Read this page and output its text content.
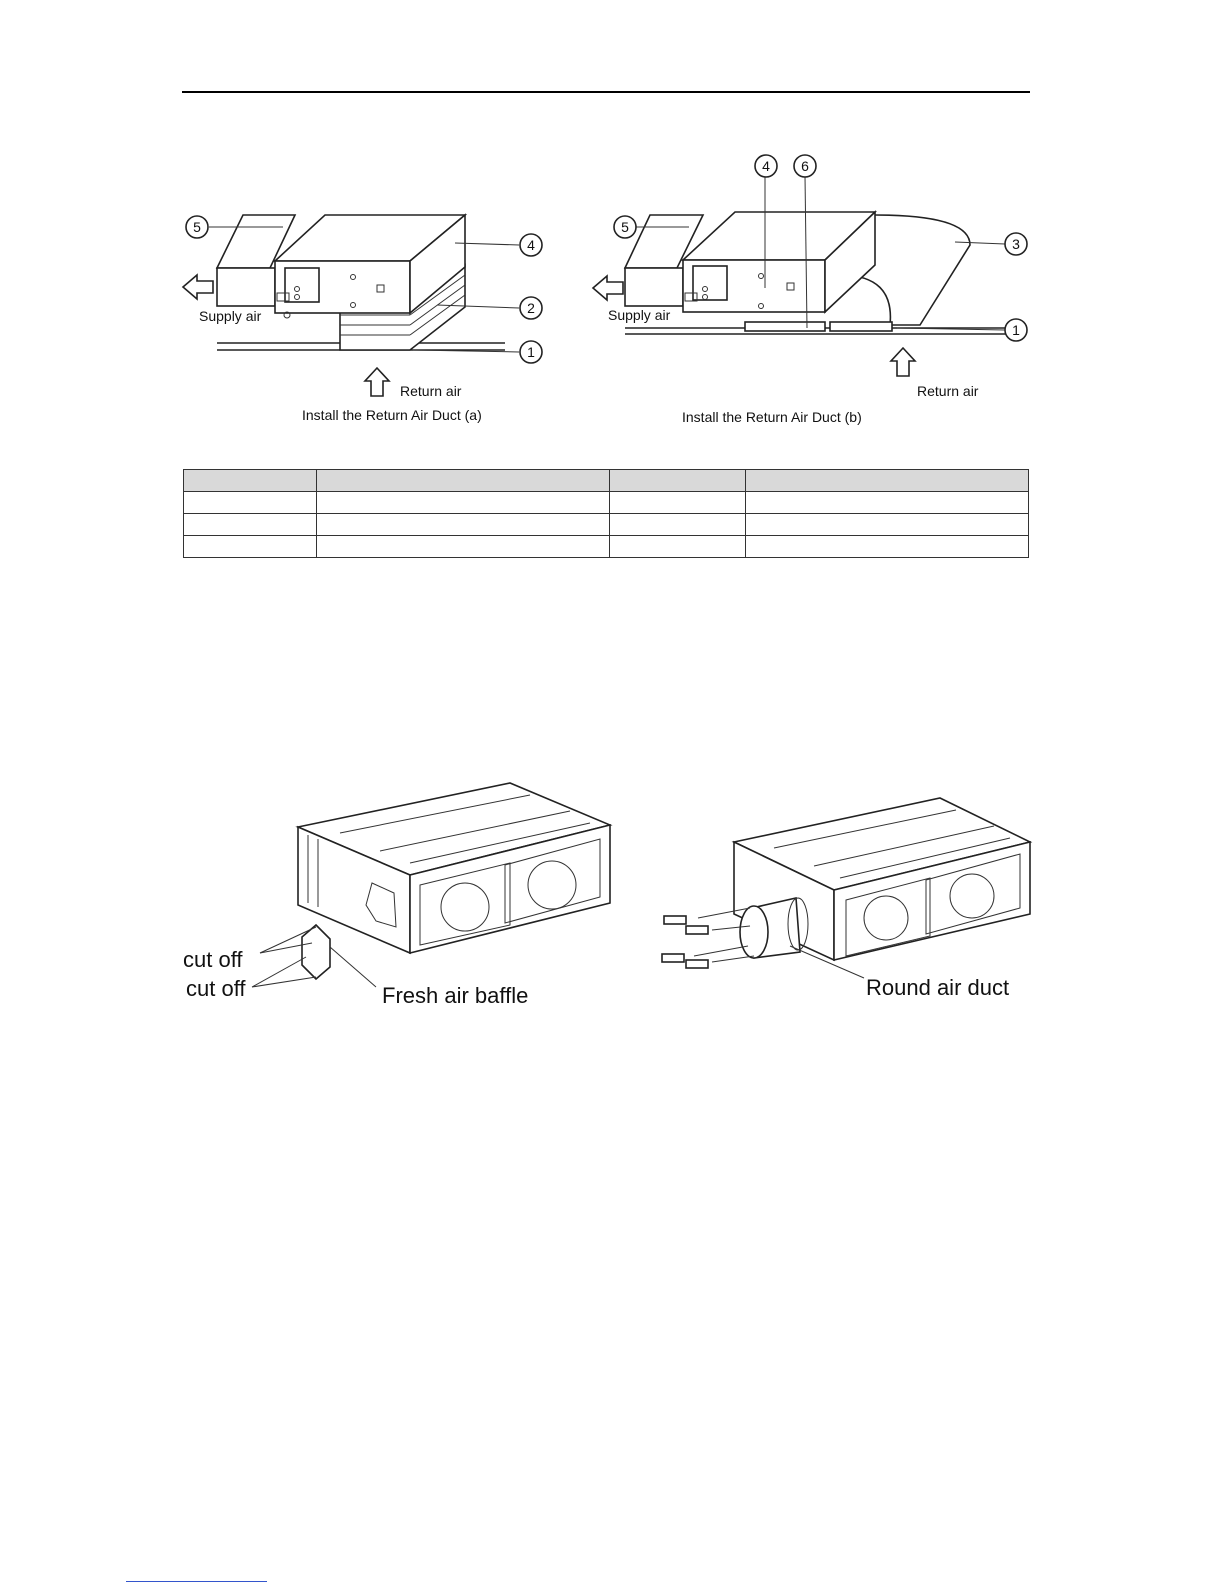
5
4
2
1
Supply air
Return air
Install the Return Air Duct (a)
5
4 6
3
1
Supply air
Return air
Install the Return Air Duct (b)

cut off
cut off	Fresh air baffle	Round air duct
